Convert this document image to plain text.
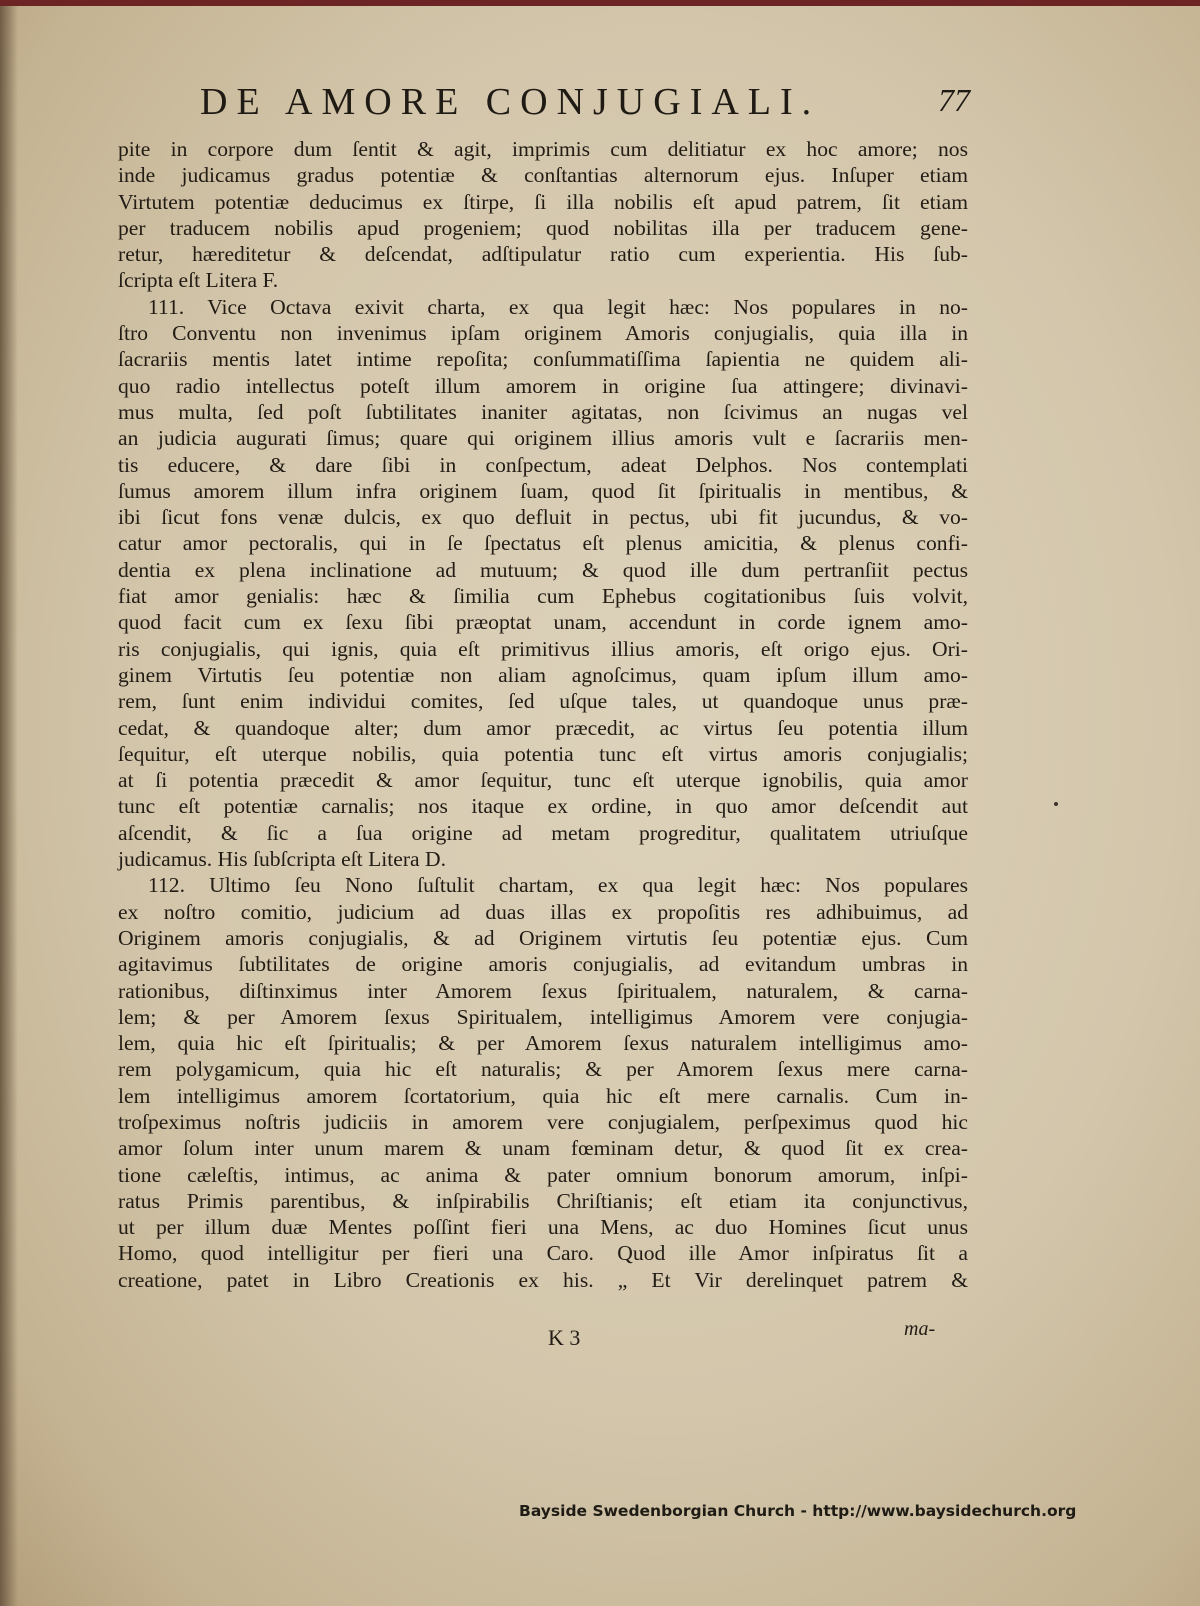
DE AMORE CONJUGIALI.	77
pite in corpore dum ſentit & agit, imprimis cum delitiatur ex hoc amore; nos
inde judicamus gradus potentiæ & conſtantias alternorum ejus. Inſuper etiam
Virtutem potentiæ deducimus ex ſtirpe, ſi illa nobilis eſt apud patrem, ſit etiam
per traducem nobilis apud progeniem; quod nobilitas illa per traducem gene-
retur, hæreditetur & deſcendat, adſtipulatur ratio cum experientia. His ſub-
ſcripta eſt Litera F.
111. Vice Octava exivit charta, ex qua legit hæc: Nos populares in no-
ſtro Conventu non invenimus ipſam originem Amoris conjugialis, quia illa in
ſacrariis mentis latet intime repoſita; conſummatiſſima ſapientia ne quidem ali-
quo radio intellectus poteſt illum amorem in origine ſua attingere; divinavi-
mus multa, ſed poſt ſubtilitates inaniter agitatas, non ſcivimus an nugas vel
an judicia augurati ſimus; quare qui originem illius amoris vult e ſacrariis men-
tis educere, & dare ſibi in conſpectum, adeat Delphos. Nos contemplati
ſumus amorem illum infra originem ſuam, quod ſit ſpiritualis in mentibus, &
ibi ſicut fons venæ dulcis, ex quo defluit in pectus, ubi fit jucundus, & vo-
catur amor pectoralis, qui in ſe ſpectatus eſt plenus amicitia, & plenus confi-
dentia ex plena inclinatione ad mutuum; & quod ille dum pertranſiit pectus
fiat amor genialis: hæc & ſimilia cum Ephebus cogitationibus ſuis volvit,
quod facit cum ex ſexu ſibi præoptat unam, accendunt in corde ignem amo-
ris conjugialis, qui ignis, quia eſt primitivus illius amoris, eſt origo ejus. Ori-
ginem Virtutis ſeu potentiæ non aliam agnoſcimus, quam ipſum illum amo-
rem, ſunt enim individui comites, ſed uſque tales, ut quandoque unus præ-
cedat, & quandoque alter; dum amor præcedit, ac virtus ſeu potentia illum
ſequitur, eſt uterque nobilis, quia potentia tunc eſt virtus amoris conjugialis;
at ſi potentia præcedit & amor ſequitur, tunc eſt uterque ignobilis, quia amor
tunc eſt potentiæ carnalis; nos itaque ex ordine, in quo amor deſcendit aut
aſcendit, & ſic a ſua origine ad metam progreditur, qualitatem utriuſque
judicamus. His ſubſcripta eſt Litera D.
112. Ultimo ſeu Nono ſuſtulit chartam, ex qua legit hæc: Nos populares
ex noſtro comitio, judicium ad duas illas ex propoſitis res adhibuimus, ad
Originem amoris conjugialis, & ad Originem virtutis ſeu potentiæ ejus. Cum
agitavimus ſubtilitates de origine amoris conjugialis, ad evitandum umbras in
rationibus, diſtinximus inter Amorem ſexus ſpiritualem, naturalem, & carna-
lem; & per Amorem ſexus Spiritualem, intelligimus Amorem vere conjugia-
lem, quia hic eſt ſpiritualis; & per Amorem ſexus naturalem intelligimus amo-
rem polygamicum, quia hic eſt naturalis; & per Amorem ſexus mere carna-
lem intelligimus amorem ſcortatorium, quia hic eſt mere carnalis. Cum in-
troſpeximus noſtris judiciis in amorem vere conjugialem, perſpeximus quod hic
amor ſolum inter unum marem & unam fœminam detur, & quod ſit ex crea-
tione cæleſtis, intimus, ac anima & pater omnium bonorum amorum, inſpi-
ratus Primis parentibus, & inſpirabilis Chriſtianis; eſt etiam ita conjunctivus,
ut per illum duæ Mentes poſſint fieri una Mens, ac duo Homines ſicut unus
Homo, quod intelligitur per fieri una Caro. Quod ille Amor inſpiratus ſit a
creatione, patet in Libro Creationis ex his. „ Et Vir derelinquet patrem &
K 3	ma-
Bayside Swedenborgian Church - http://www.baysidechurch.org
